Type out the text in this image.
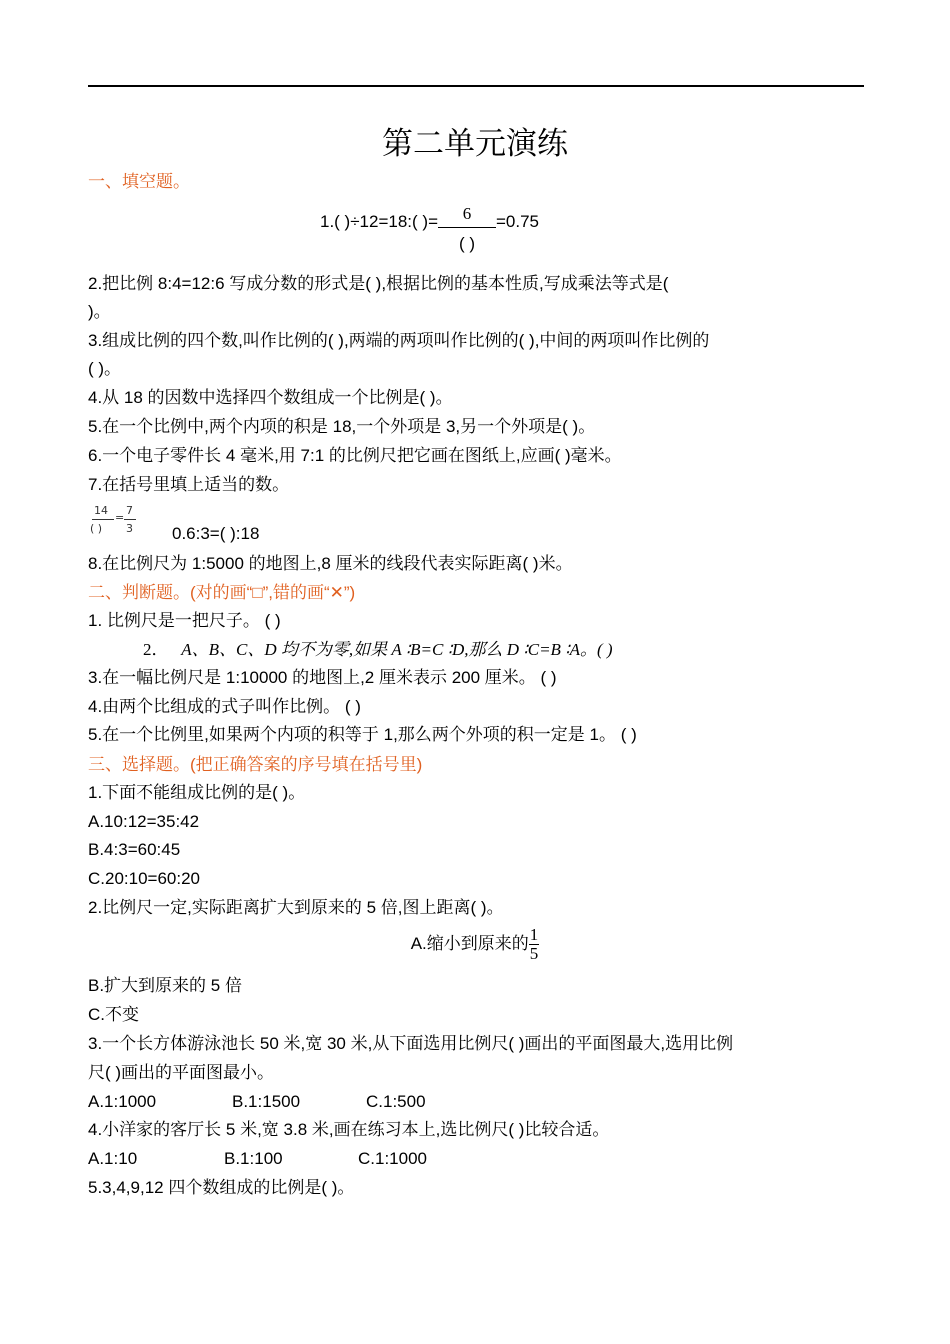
第二单元演练
一、填空题。
1.( )÷12=18:( )= $\frac{6}{( )} =0.75$
2.把比例 8:4=12:6 写成分数的形式是( ),根据比例的基本性质,写成乘法等式是(
)。
3.组成比例的四个数,叫作比例的( ),两端的两项叫作比例的( ),中间的两项叫作比例的
( )。
4.从 18 的因数中选择四个数组成一个比例是( )。
5.在一个比例中,两个内项的积是 18,一个外项是 3,另一个外项是( )。
6.一个电子零件长 4 毫米,用 7:1 的比例尺把它画在图纸上,应画( )毫米。
7.在括号里填上适当的数。
14
( )
=
7
3 0.6:3=( ):18
8.在比例尺为 1:5000 的地图上,8 厘米的线段代表实际距离( )米。
二、判断题。(对的画“□”,错的画“✕”)
1. 比例尺是一把尺子。 ( )
2． A、B、C、D 均不为零,如果 A ∶B=C ∶D,那么 D ∶C=B ∶A。( )
3.在一幅比例尺是 1:10000 的地图上,2 厘米表示 200 厘米。 ( )
4.由两个比组成的式子叫作比例。 ( )
5.在一个比例里,如果两个内项的积等于 1,那么两个外项的积一定是 1。 ( )
三、选择题。(把正确答案的序号填在括号里)
1.下面不能组成比例的是( )。
A.10:12=35:42
B.4:3=60:45
C.20:10=60:20
2.比例尺一定,实际距离扩大到原来的 5 倍,图上距离( )。
A.缩小到原来的 $\frac{1}{5}$
B.扩大到原来的 5 倍
C.不变
3.一个长方体游泳池长 50 米,宽 30 米,从下面选用比例尺( )画出的平面图最大,选用比例
尺( )画出的平面图最小。
A.1:1000	B.1:1500	C.1:500
4.小洋家的客厅长 5 米,宽 3.8 米,画在练习本上,选比例尺( )比较合适。
A.1:10	B.1:100	C.1:1000
5.3,4,9,12 四个数组成的比例是( )。
